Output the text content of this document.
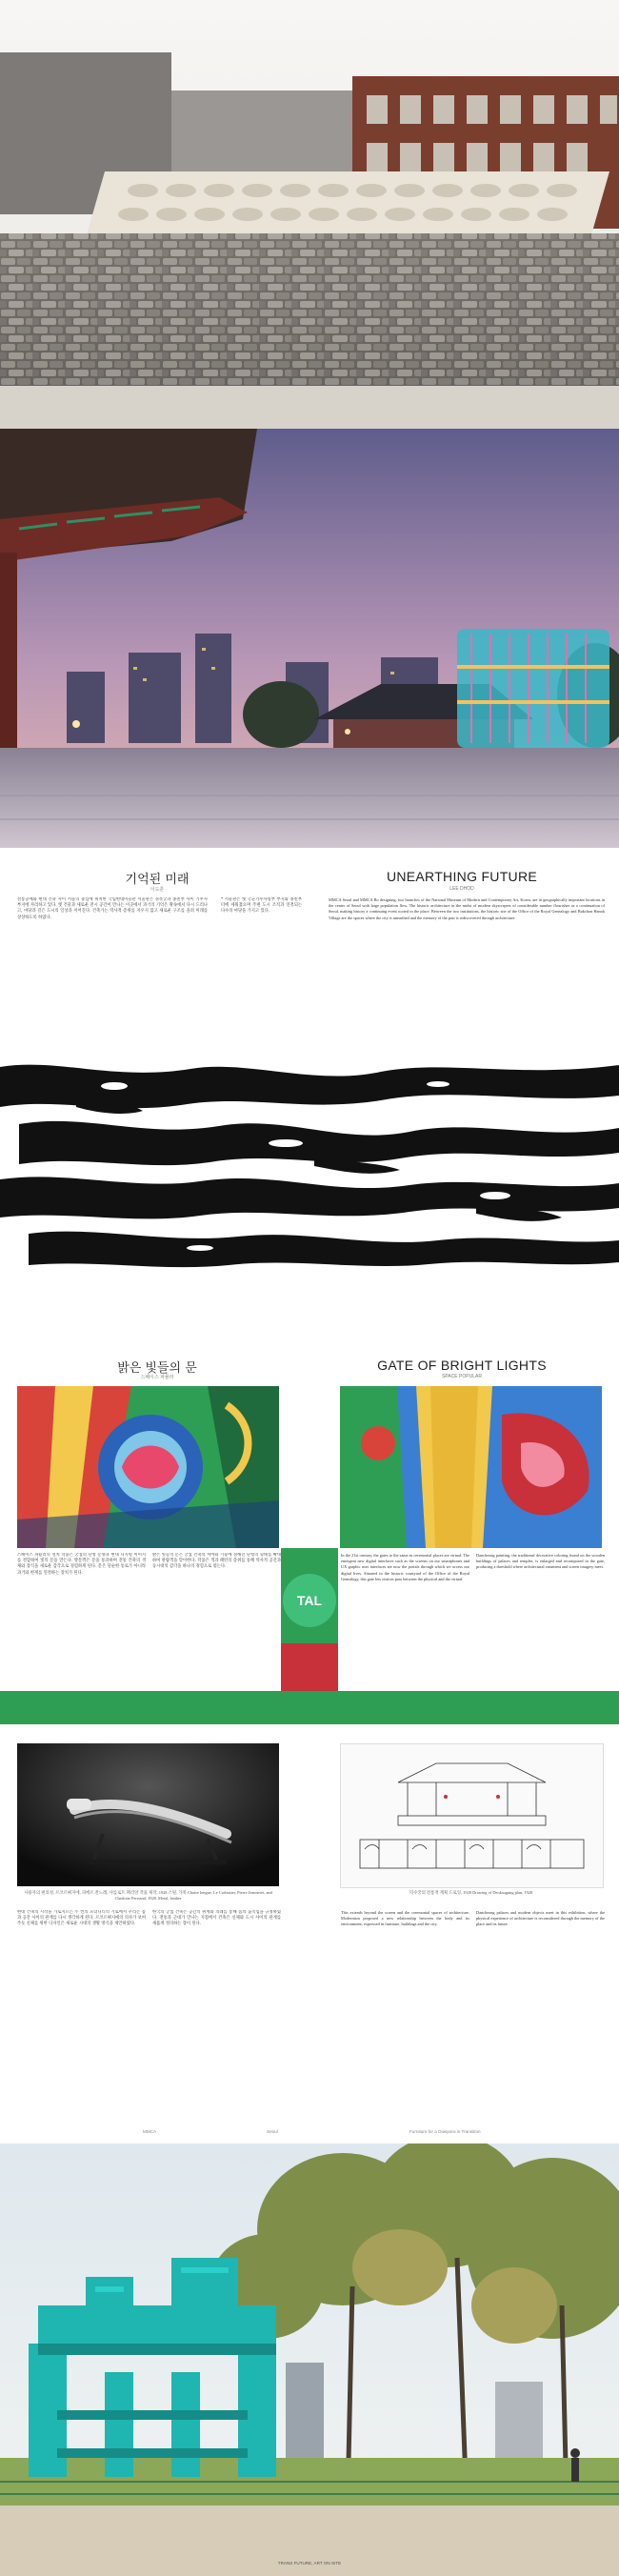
기억된 미래
이도훈
전통공예와 현대 건축 사이 서울의 중심에 위치한 국립현대미술관 서울관은 경복궁과 종친부 사이 기무사 부지에 자리하고 있다. 옛 건물과 새로운 전시 공간이 만나는 이곳에서 과거의 기억은 땅속에서 다시 드러나고, 마당과 길은 도시의 일상과 이어진다. 건축가는 역사적 층위를 지우지 않고 새로운 구조를 올려 미래를 상상하도록 하였다.
* 서울관은 옛 국군기무사령부 부지와 종친부 터에 세워졌으며 주변 도시 조직과 연결되는 다수의 마당을 가지고 있다.
UNEARTHING FUTURE
LEE DHOD
MMCA Seoul and MMCA Bo designing, two branches of the National Museum of Modern and Contemporary Art, Korea, are in geographically important locations in the center of Seoul with large population flow. The historic architecture in the midst of modern skyscrapers of considerable number flourishes as a continuation of Seoul, making history a continuing event rooted in the place. Between the two institutions, the historic site of the Office of the Royal Genealogy and Bukchon Hanok Village are the spaces where the city is unearthed and the memory of the past is rediscovered through architecture.
밝은 빛들의 문
스페이스 파퓰러
GATE OF BRIGHT LIGHTS
SPACE POPULAR
스페이스 파퓰러의 설치 작품은 궁궐의 단청 문양과 현대 디지털 이미지를 결합하여 빛의 문을 만든다. 방문객은 문을 통과하며 전통 건축의 색채와 장식을 새로운 감각으로 경험하게 된다. 문은 단순한 통로가 아니라 과거와 현재를 연결하는 장치가 된다.
밝은 빛들의 문은 궁궐 건축의 처마와 기둥에 칠해진 단청의 형태를 확대하여 관람객을 맞이한다. 작품은 색과 패턴의 층위를 통해 역사적 공간과 동시대의 감각을 하나의 경험으로 엮는다.
TAL
In the 21st century, the gates to the same as ceremonial places are virtual. The emergent new digital interfaces such as the screens on our smartphones and UX graphic user interfaces are now the portals through which we access our digital lives. Situated in the historic courtyard of the Office of the Royal Genealogy, this gate lets visitors pass between the physical and the virtual.
Dancheong painting, the traditional decorative coloring found on the wooden buildings of palaces and temples, is enlarged and recomposed in the gate, producing a threshold where architectural ornament and screen imagery meet.
사용자의 편의성, 르코르뷔지에, 피에르 잔느레, 샤를로트 페리앙 작품 제작, 1928 스틸, 가죽 Chaise longue, Le Corbusier, Pierre Jeanneret, and Charlotte Perriand, 1928. Metal, leather
덕수궁의 전통적 계획 드로잉, 1928 Drawing of Deoksugung plan, 1928
현대 건축의 시작을 가로지르는 두 번의 모더니티의 기로에서 우리는 몸과 공간 사이의 관계를 다시 생각하게 된다. 르코르뷔지에의 의자가 보여주듯 신체를 위한 디자인은 새로운 시대의 생활 방식을 제안하였다.
한국의 궁궐 건축은 공간의 위계와 의례를 통해 몸의 움직임을 규정하였다. 전통과 근대가 만나는 지점에서 건축은 신체와 도시 사이의 관계를 새롭게 정의하는 장이 된다.
This extends beyond the screen and the ceremonial spaces of architecture. Modernism proposed a new relationship between the body and its environment, expressed in furniture, buildings and the city.
Dancheong palaces and modern objects meet in this exhibition, where the physical experience of architecture is reconsidered through the memory of the place and its future.
MMCA	Seoul	Furniture for a Diaspora in Transition
TRANS FUTURE, ART ON SITE
